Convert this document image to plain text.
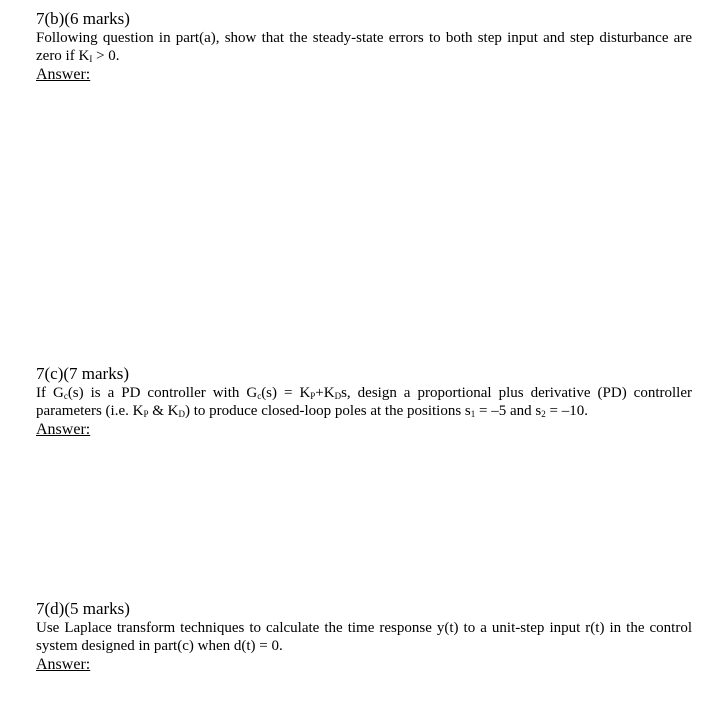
7(b)(6 marks)

Following question in part(a), show that the steady-state errors to both step input and step disturbance are zero if $K_I > 0$.

Answer:

7(c)(7 marks)

If $G_c(s)$ is a PD controller with $G_c(s) = K_P+K_Ds$, design a proportional plus derivative (PD) controller parameters (i.e. $K_P$ & $K_D$) to produce closed-loop poles at the positions $s_1 = -5$ and $s_2 = -10$.

Answer:

7(d)(5 marks)

Use Laplace transform techniques to calculate the time response y(t) to a unit-step input r(t) in the control system designed in part(c) when d(t) = 0.

Answer:
